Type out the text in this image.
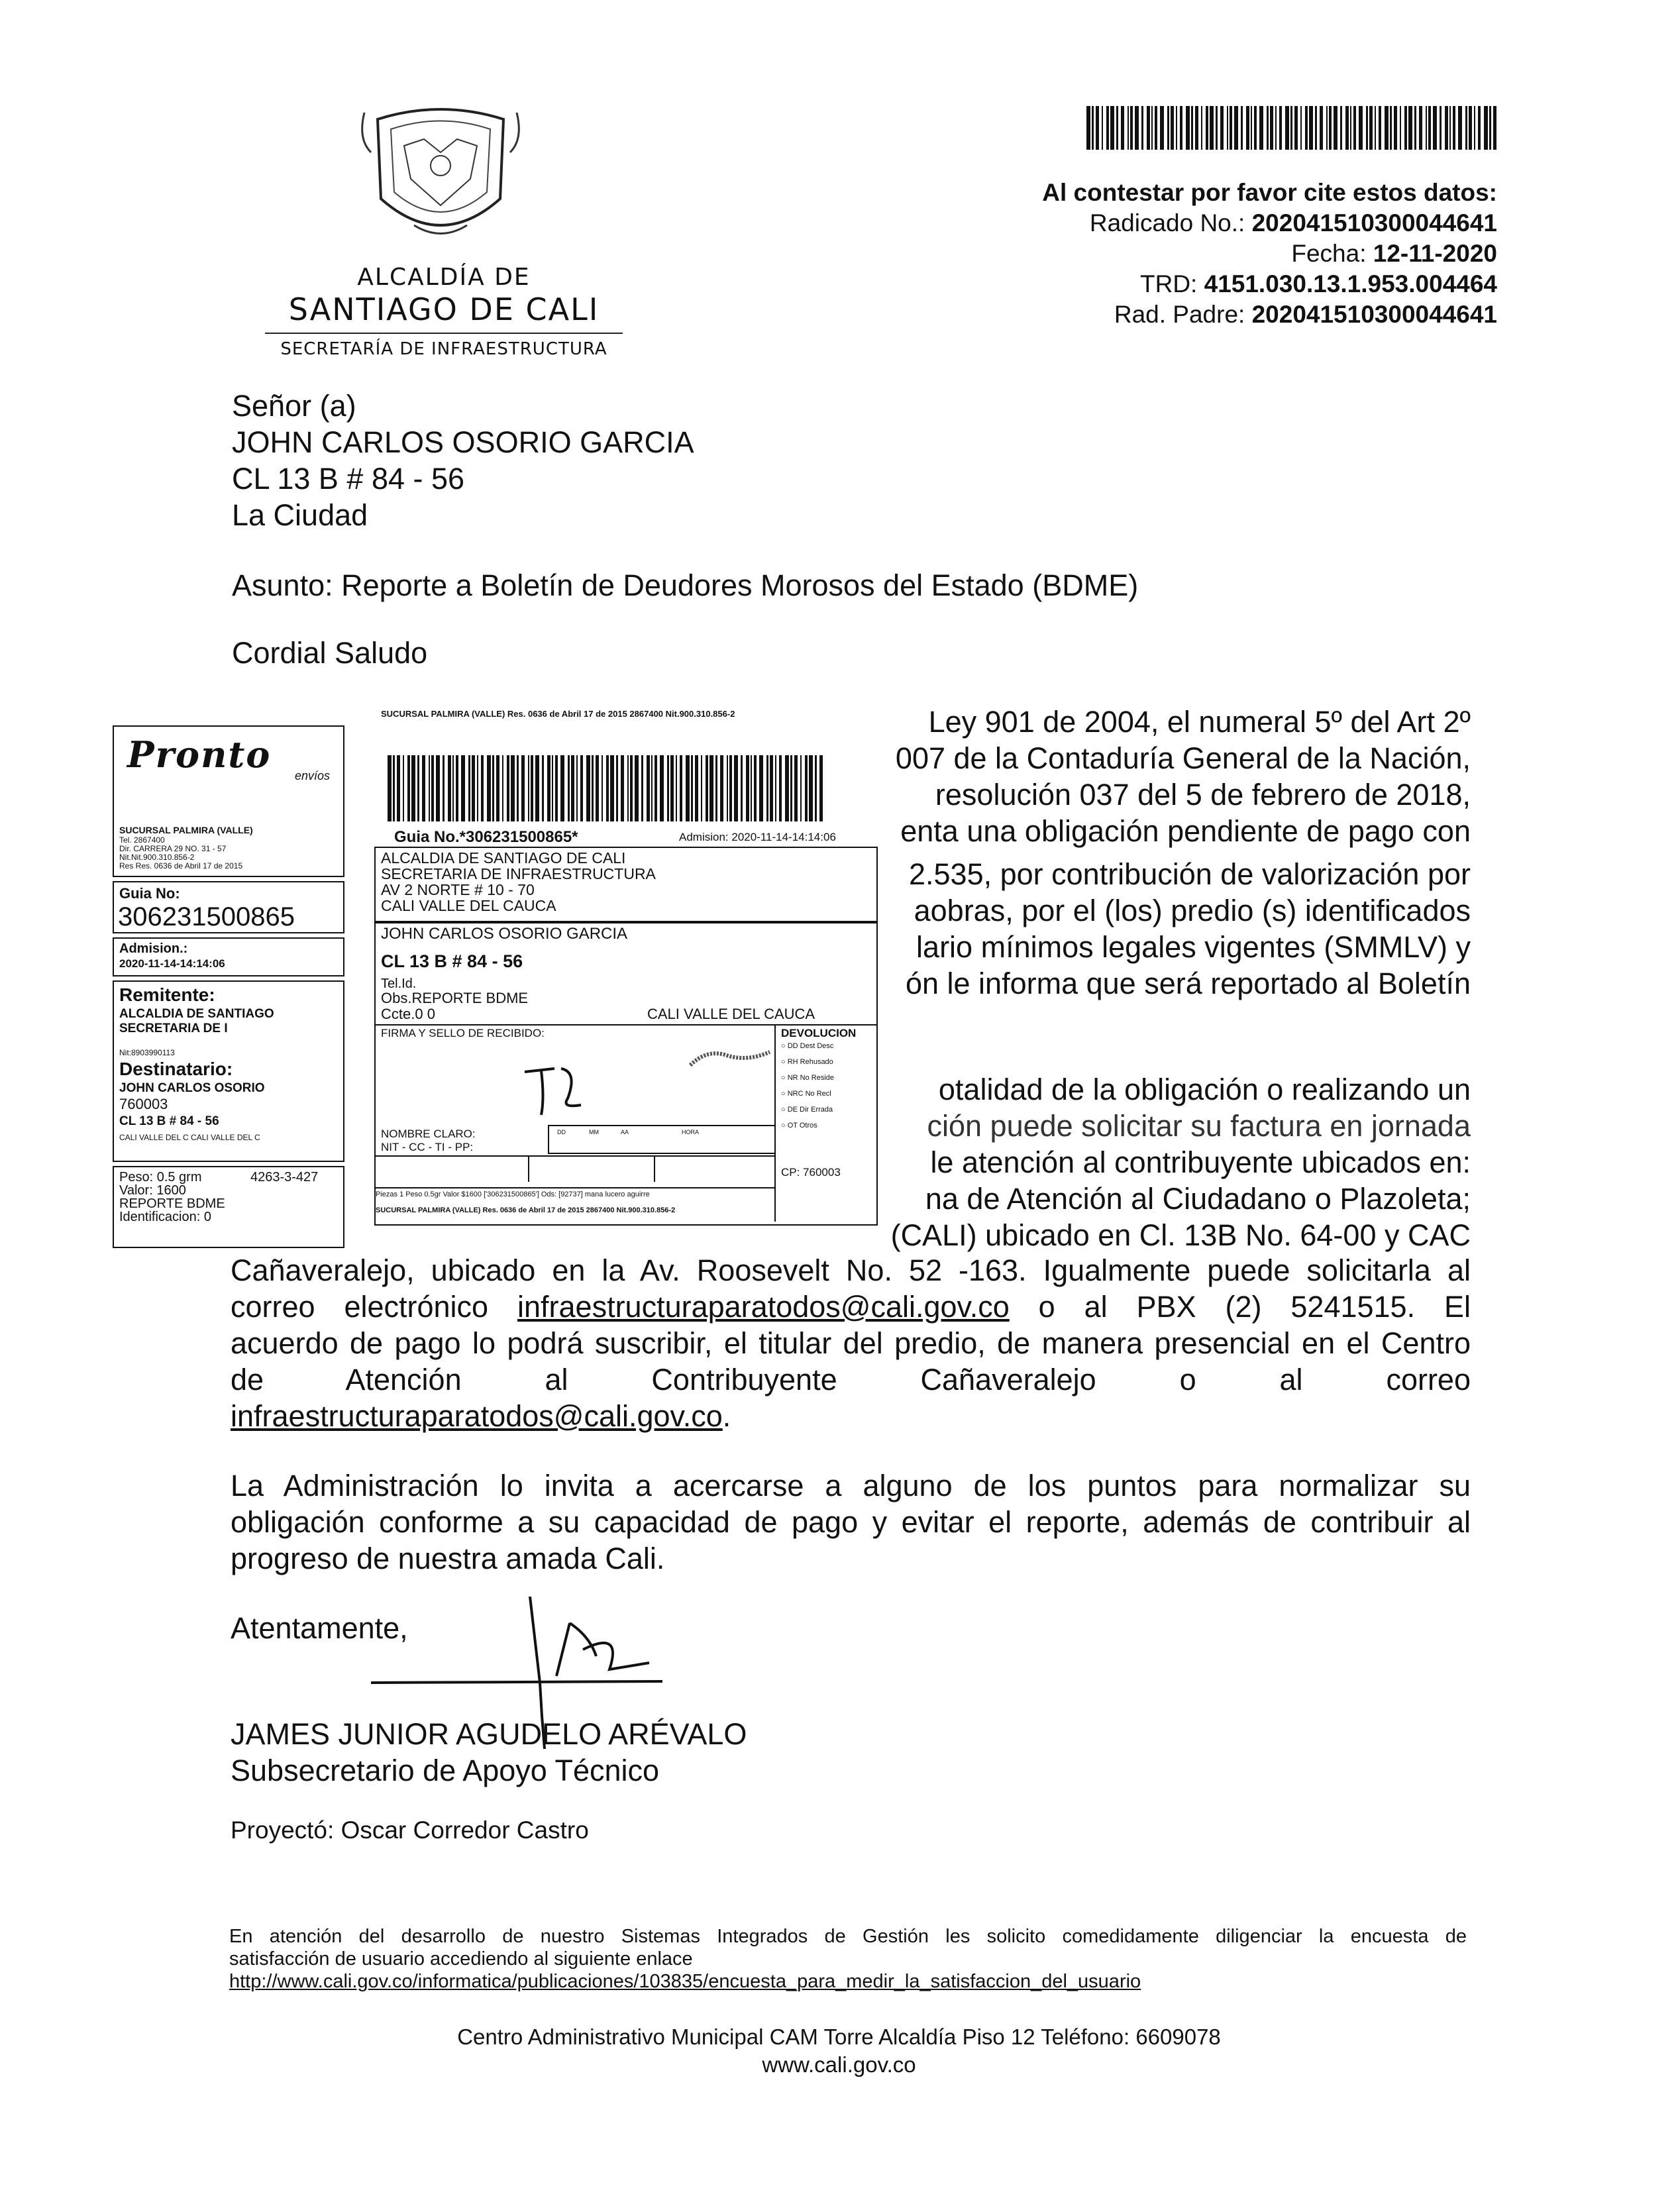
ALCALDÍA DE
SANTIAGO DE CALI
SECRETARÍA DE INFRAESTRUCTURA
Al contestar por favor cite estos datos:
Radicado No.: 202041510300044641
Fecha: 12-11-2020
TRD: 4151.030.13.1.953.004464
Rad. Padre: 202041510300044641
Señor (a)
JOHN CARLOS OSORIO GARCIA
CL 13 B # 84 - 56
La Ciudad
Asunto: Reporte a Boletín de Deudores Morosos del Estado (BDME)
Cordial Saludo
Ley 901 de 2004, el numeral 5º del Art 2º
007 de la Contaduría General de la Nación,
resolución 037 del 5 de febrero de 2018,
enta una obligación pendiente de pago con
2.535, por contribución de valorización por
aobras, por el (los) predio (s) identificados
lario mínimos legales vigentes (SMMLV) y
ón le informa que será reportado al Boletín
otalidad de la obligación o realizando un
ción puede solicitar su factura en jornada
le atención al contribuyente ubicados en:
na de Atención al Ciudadano o Plazoleta;
(CALI) ubicado en Cl. 13B No. 64-00 y CAC
Cañaveralejo, ubicado en la Av. Roosevelt No. 52 -163. Igualmente puede solicitarla al
correo electrónico infraestructuraparatodos@cali.gov.co o al PBX (2) 5241515. El
acuerdo de pago lo podrá suscribir, el titular del predio, de manera presencial en el Centro
de Atención al Contribuyente Cañaveralejo o al correo
infraestructuraparatodos@cali.gov.co.
La Administración lo invita a acercarse a alguno de los puntos para normalizar su
obligación conforme a su capacidad de pago y evitar el reporte, además de contribuir al
progreso de nuestra amada Cali.
Atentamente,
JAMES JUNIOR AGUDELO ARÉVALO
Subsecretario de Apoyo Técnico
Proyectó: Oscar Corredor Castro
En atención del desarrollo de nuestro Sistemas Integrados de Gestión les solicito comedidamente diligenciar la encuesta de
satisfacción de usuario accediendo al siguiente enlace
http://www.cali.gov.co/informatica/publicaciones/103835/encuesta_para_medir_la_satisfaccion_del_usuario
Centro Administrativo Municipal CAM Torre Alcaldía Piso 12 Teléfono: 6609078
www.cali.gov.co
Pronto envíos
SUCURSAL PALMIRA (VALLE)
Tel. 2867400
Dir. CARRERA 29 NO. 31 - 57
Nit.Nit.900.310.856-2
Res Res. 0636 de Abril 17 de 2015
Guia No:
306231500865
Admision.:
2020-11-14-14:14:06
Remitente:
ALCALDIA DE SANTIAGO
SECRETARIA DE I
Nit:8903990113
Destinatario:
JOHN CARLOS OSORIO
760003
CL 13 B # 84 - 56
CALI VALLE DEL C CALI VALLE DEL C
Peso: 0.5 grm	4263-3-427
Valor: 1600
REPORTE BDME
Identificacion: 0
SUCURSAL PALMIRA (VALLE) Res. 0636 de Abril 17 de 2015 2867400 Nit.900.310.856-2
Guia No.*306231500865*	Admision: 2020-11-14-14:14:06
ALCALDIA DE SANTIAGO DE CALI
SECRETARIA DE INFRAESTRUCTURA
AV 2 NORTE # 10 - 70
CALI VALLE DEL CAUCA
JOHN CARLOS OSORIO GARCIA
CL 13 B # 84 - 56
Tel.Id.
Obs.REPORTE BDME
Ccte.0 0	CALI VALLE DEL CAUCA
FIRMA Y SELLO DE RECIBIDO:	DEVOLUCION
○ DD Dest Desc
○ RH Rehusado
○ NR No Reside
○ NRC No Recl
○ DE Dir Errada
○ OT Otros
NOMBRE CLARO:
NIT - CC - TI - PP:
DD	MM	AA	HORA
CP: 760003
Piezas 1 Peso 0.5gr Valor $1600 ['306231500865'] Ods: [92737] mana lucero aguirre
SUCURSAL PALMIRA (VALLE) Res. 0636 de Abril 17 de 2015 2867400 Nit.900.310.856-2
